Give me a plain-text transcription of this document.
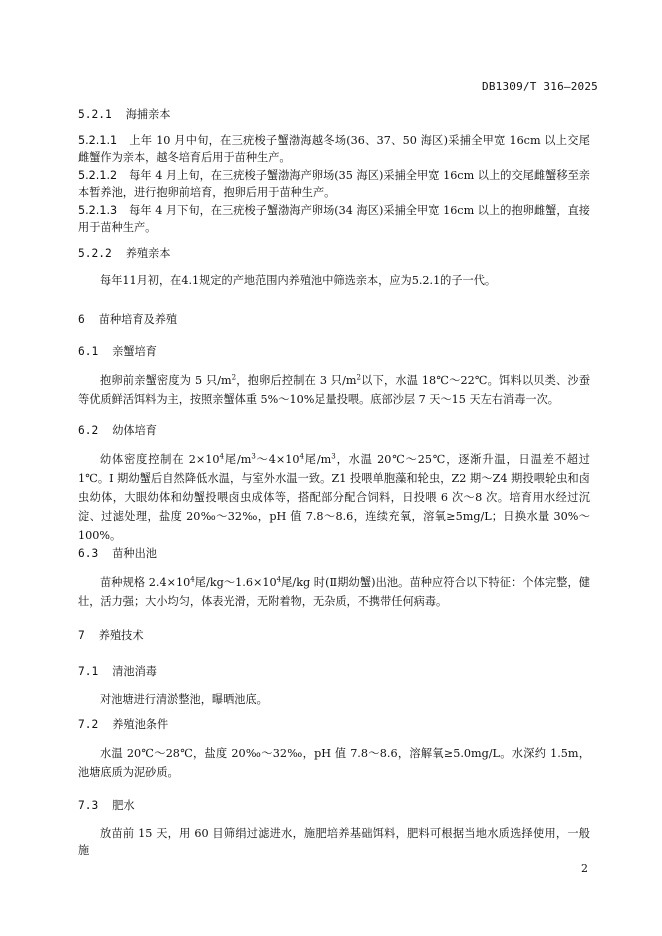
DB1309/T 316—2025
5.2.1 海捕亲本
5.2.1.1 上年 10 月中旬，在三疣梭子蟹渤海越冬场(36、37、50 海区)采捕全甲宽 16cm 以上交尾雌蟹作为亲本，越冬培育后用于苗种生产。
5.2.1.2 每年 4 月上旬，在三疣梭子蟹渤海产卵场(35 海区)采捕全甲宽 16cm 以上的交尾雌蟹移至亲本暂养池，进行抱卵前培育，抱卵后用于苗种生产。
5.2.1.3 每年 4 月下旬，在三疣梭子蟹渤海产卵场(34 海区)采捕全甲宽 16cm 以上的抱卵雌蟹，直接用于苗种生产。
5.2.2 养殖亲本
每年11月初，在4.1规定的产地范围内养殖池中筛选亲本，应为5.2.1的子一代。
6 苗种培育及养殖
6.1 亲蟹培育
抱卵前亲蟹密度为 5 只$/m^2$，抱卵后控制在 3 只$/m^2$以下，水温 18℃～22℃。饵料以贝类、沙蚕等优质鲜活饵料为主，按照亲蟹体重 5%～10%足量投喂。底部沙层 7 天～15 天左右消毒一次。
6.2 幼体培育
幼体密度控制在 $2\times 10^4$尾$/m^3\sim 4\times 10^4$尾$/m^3$，水温 20℃～25℃，逐渐升温，日温差不超过 1℃。I 期幼蟹后自然降低水温，与室外水温一致。Z1 投喂单胞藻和轮虫，Z2 期～Z4 期投喂轮虫和卤虫幼体，大眼幼体和幼蟹投喂卤虫成体等，搭配部分配合饲料，日投喂 6 次～8 次。培育用水经过沉淀、过滤处理，盐度 20‰～32‰，pH 值 7.8～8.6，连续充氧，溶氧≥5mg/L；日换水量 30%～100%。
6.3 苗种出池
苗种规格 $2.4\times 10^4$尾$/kg\sim 1.6\times 10^4$尾/kg 时(Ⅱ期幼蟹)出池。苗种应符合以下特征：个体完整，健壮，活力强；大小均匀，体表光滑，无附着物，无杂质，不携带任何病毒。
7 养殖技术
7.1 清池消毒
对池塘进行清淤整池，曝晒池底。
7.2 养殖池条件
水温 20℃～28℃，盐度 20‰～32‰，pH 值 7.8～8.6，溶解氧≥5.0mg/L。水深约 1.5m，池塘底质为泥砂质。
7.3 肥水
放苗前 15 天，用 60 目筛绢过滤进水，施肥培养基础饵料，肥料可根据当地水质选择使用，一般施
2
